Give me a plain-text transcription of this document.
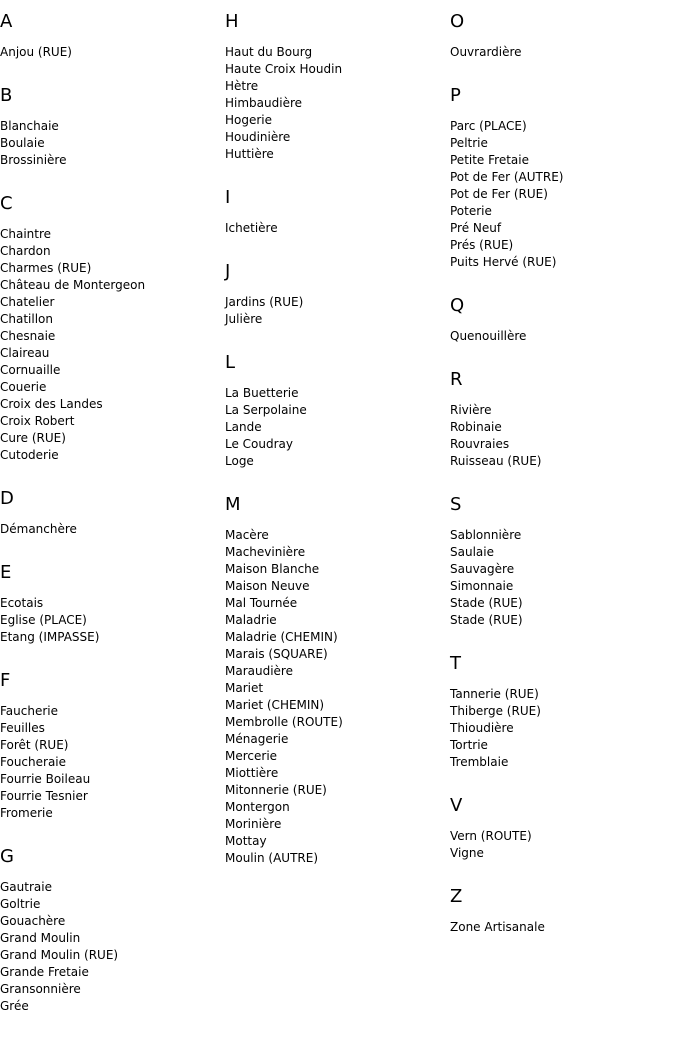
A
Anjou (RUE)
B
Blanchaie
Boulaie
Brossinière
C
Chaintre
Chardon
Charmes (RUE)
Château de Montergeon
Chatelier
Chatillon
Chesnaie
Claireau
Cornuaille
Couerie
Croix des Landes
Croix Robert
Cure (RUE)
Cutoderie
D
Démanchère
E
Ecotais
Eglise (PLACE)
Etang (IMPASSE)
F
Faucherie
Feuilles
Forêt (RUE)
Foucheraie
Fourrie Boileau
Fourrie Tesnier
Fromerie
G
Gautraie
Goltrie
Gouachère
Grand Moulin
Grand Moulin (RUE)
Grande Fretaie
Gransonnière
Grée
H
Haut du Bourg
Haute Croix Houdin
Hètre
Himbaudière
Hogerie
Houdinière
Huttière
I
Ichetière
J
Jardins (RUE)
Julière
L
La Buetterie
La Serpolaine
Lande
Le Coudray
Loge
M
Macère
Machevinière
Maison Blanche
Maison Neuve
Mal Tournée
Maladrie
Maladrie (CHEMIN)
Marais (SQUARE)
Maraudière
Mariet
Mariet (CHEMIN)
Membrolle (ROUTE)
Ménagerie
Mercerie
Miottière
Mitonnerie (RUE)
Montergon
Morinière
Mottay
Moulin (AUTRE)
O
Ouvrardière
P
Parc (PLACE)
Peltrie
Petite Fretaie
Pot de Fer (AUTRE)
Pot de Fer (RUE)
Poterie
Pré Neuf
Prés (RUE)
Puits Hervé (RUE)
Q
Quenouillère
R
Rivière
Robinaie
Rouvraies
Ruisseau (RUE)
S
Sablonnière
Saulaie
Sauvagère
Simonnaie
Stade (RUE)
Stade (RUE)
T
Tannerie (RUE)
Thiberge (RUE)
Thioudière
Tortrie
Tremblaie
V
Vern (ROUTE)
Vigne
Z
Zone Artisanale
